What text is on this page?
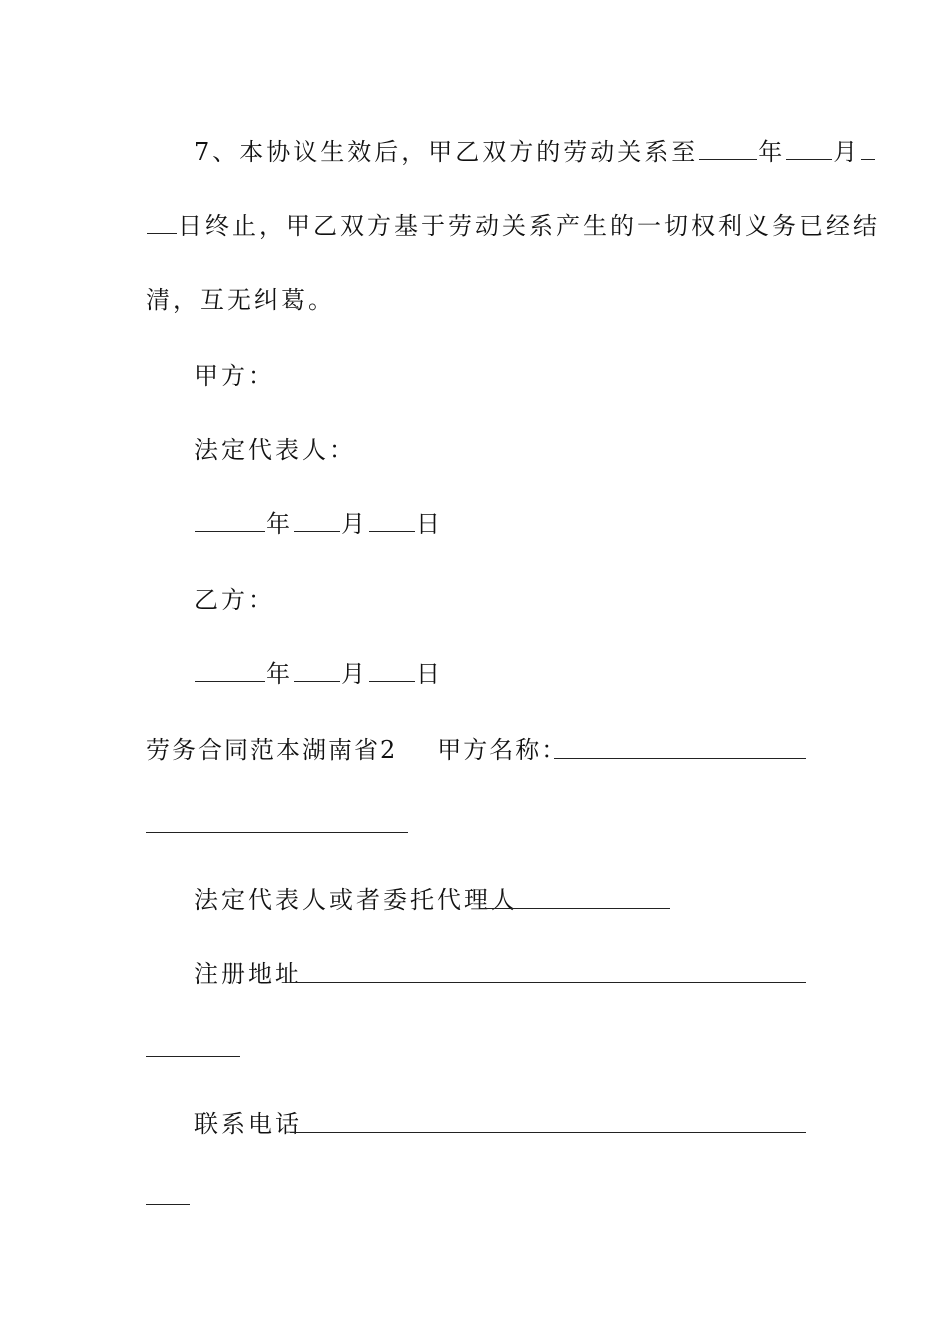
7、本协议生效后，甲乙双方的劳动关系至	年 月
日终止，甲乙双方基于劳动关系产生的一切权利义务已经结
清，互无纠葛。
甲方：
法定代表人：
年 月 日
乙方：
年 月 日
劳务合同范本湖南省2 甲方名称：
法定代表人或者委托代理人
注册地址
联系电话
